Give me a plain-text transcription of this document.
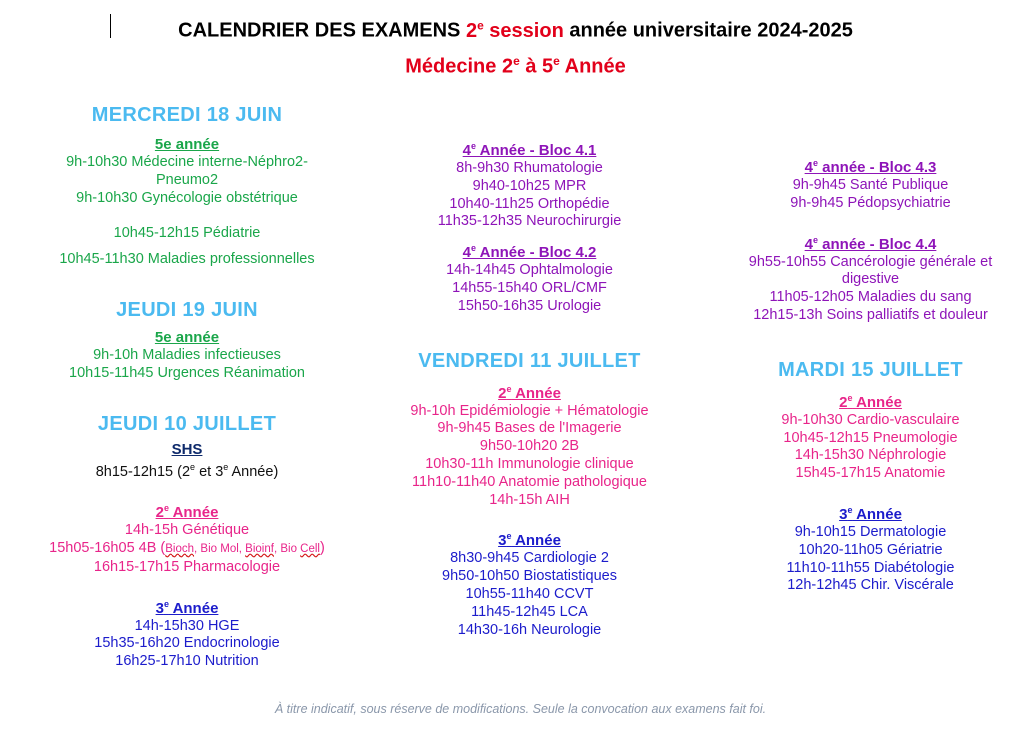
CALENDRIER DES EXAMENS 2e session année universitaire 2024-2025
Médecine 2e à 5e Année
MERCREDI 18 JUIN
5e année
9h-10h30 Médecine interne-Néphro2-
Pneumo2
9h-10h30 Gynécologie obstétrique
10h45-12h15 Pédiatrie
10h45-11h30 Maladies professionnelles
JEUDI 19 JUIN
5e année
9h-10h Maladies infectieuses
10h15-11h45 Urgences Réanimation
JEUDI 10 JUILLET
SHS
8h15-12h15 (2e et 3e Année)
2e Année
14h-15h Génétique
15h05-16h05 4B (Bioch, Bio Mol, Bioinf, Bio Cell)
16h15-17h15 Pharmacologie
3e Année
14h-15h30 HGE
15h35-16h20 Endocrinologie
16h25-17h10 Nutrition
4e Année - Bloc 4.1
8h-9h30 Rhumatologie
9h40-10h25 MPR
10h40-11h25 Orthopédie
11h35-12h35 Neurochirurgie
4e Année - Bloc 4.2
14h-14h45 Ophtalmologie
14h55-15h40 ORL/CMF
15h50-16h35 Urologie
VENDREDI 11 JUILLET
2e Année
9h-10h Epidémiologie + Hématologie
9h-9h45 Bases de l'Imagerie
9h50-10h20 2B
10h30-11h Immunologie clinique
11h10-11h40 Anatomie pathologique
14h-15h AIH
3e Année
8h30-9h45 Cardiologie 2
9h50-10h50 Biostatistiques
10h55-11h40 CCVT
11h45-12h45 LCA
14h30-16h Neurologie
4e année - Bloc 4.3
9h-9h45 Santé Publique
9h-9h45 Pédopsychiatrie
4e année - Bloc 4.4
9h55-10h55 Cancérologie générale et
digestive
11h05-12h05 Maladies du sang
12h15-13h Soins palliatifs et douleur
MARDI 15 JUILLET
2e Année
9h-10h30 Cardio-vasculaire
10h45-12h15 Pneumologie
14h-15h30 Néphrologie
15h45-17h15 Anatomie
3e Année
9h-10h15 Dermatologie
10h20-11h05 Gériatrie
11h10-11h55 Diabétologie
12h-12h45 Chir. Viscérale
À titre indicatif, sous réserve de modifications. Seule la convocation aux examens fait foi.
